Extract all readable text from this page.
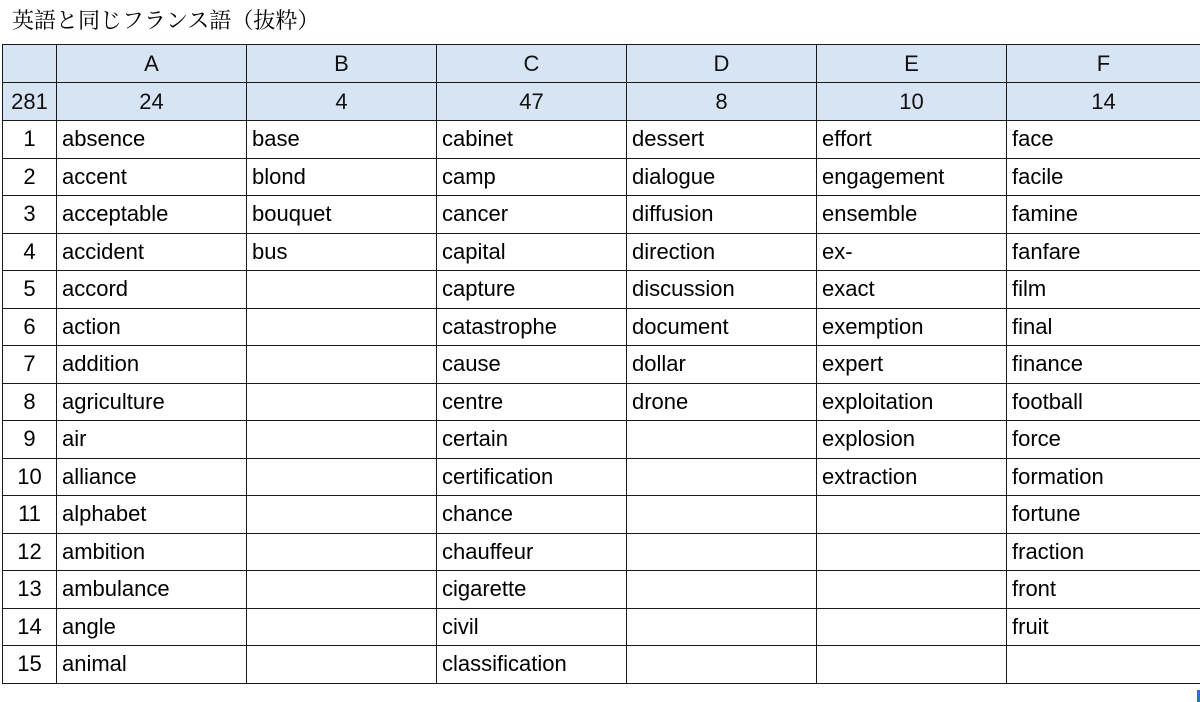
英語と同じフランス語（抜粋）
	A	B	C	D	E	F
281	24	4	47	8	10	14
1	absence	base	cabinet	dessert	effort	face
2	accent	blond	camp	dialogue	engagement	facile
3	acceptable	bouquet	cancer	diffusion	ensemble	famine
4	accident	bus	capital	direction	ex-	fanfare
5	accord		capture	discussion	exact	film
6	action		catastrophe	document	exemption	final
7	addition		cause	dollar	expert	finance
8	agriculture		centre	drone	exploitation	football
9	air		certain		explosion	force
10	alliance		certification		extraction	formation
11	alphabet		chance			fortune
12	ambition		chauffeur			fraction
13	ambulance		cigarette			front
14	angle		civil			fruit
15	animal		classification			
